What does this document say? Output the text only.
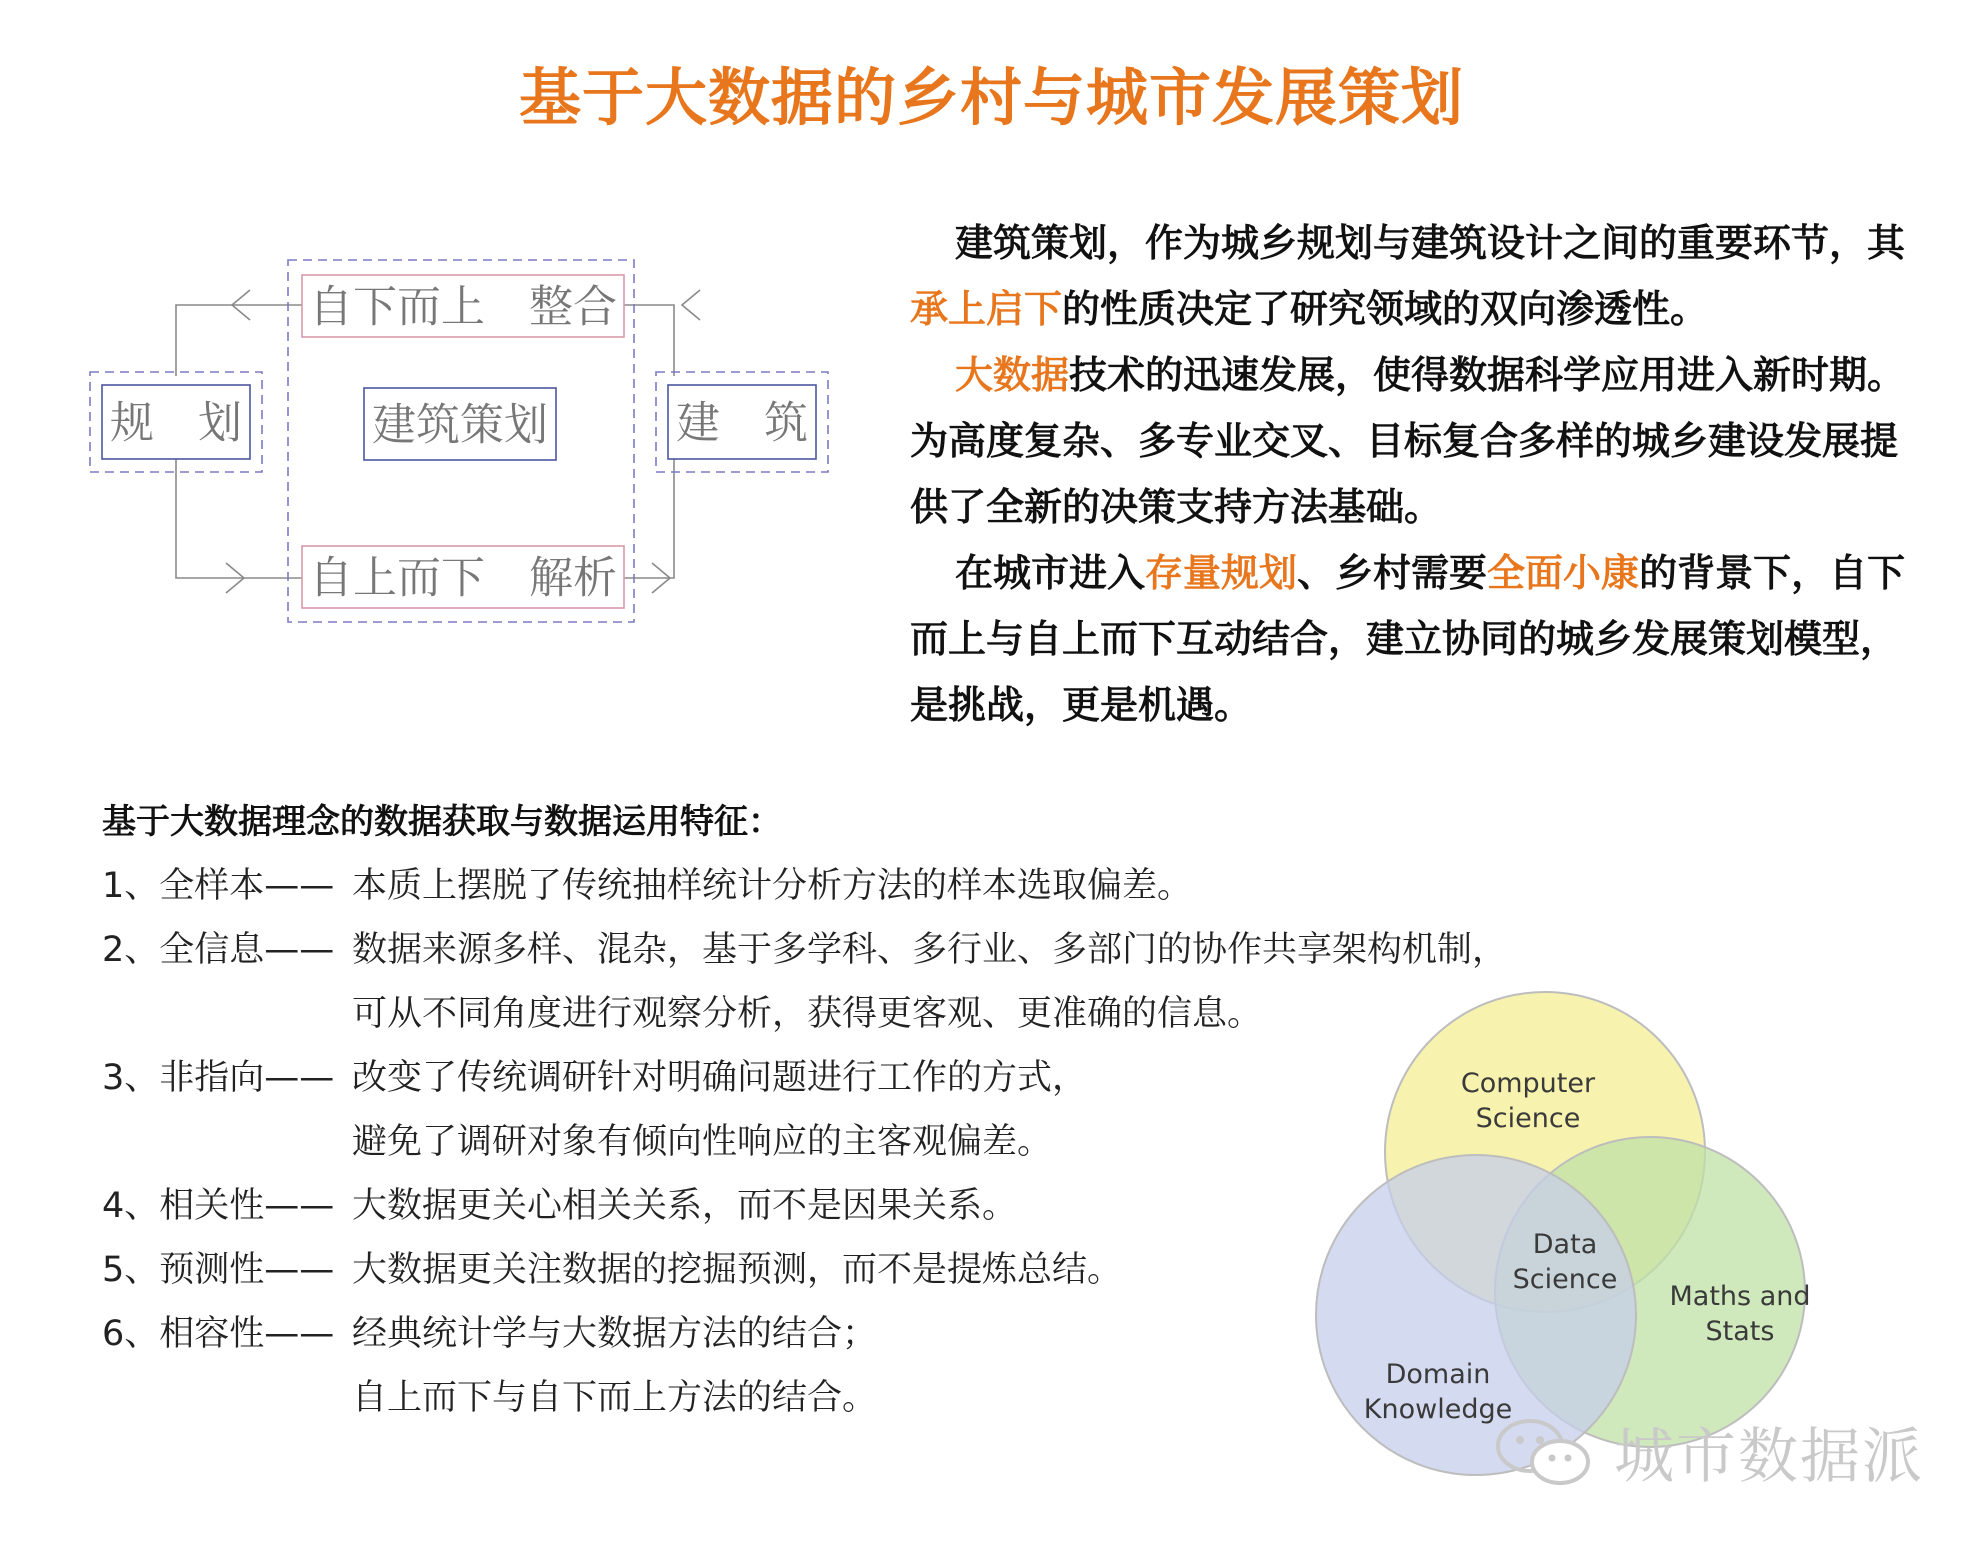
基于大数据的乡村与城市发展策划
自下而上　整合
自上而下　解析
建筑策划
规　划	建　筑

建筑策划，作为城乡规划与建筑设计之间的重要环节，其承上启下的性质决定了研究领域的双向渗透性。

大数据技术的迅速发展，使得数据科学应用进入新时期。为高度复杂、多专业交叉、目标复合多样的城乡建设发展提供了全新的决策支持方法基础。

在城市进入存量规划、乡村需要全面小康的背景下，自下而上与自上而下互动结合，建立协同的城乡发展策划模型，是挑战，更是机遇。

基于大数据理念的数据获取与数据运用特征：
1、全样本—— 本质上摆脱了传统抽样统计分析方法的样本选取偏差。
2、全信息—— 数据来源多样、混杂，基于多学科、多行业、多部门的协作共享架构机制，
可从不同角度进行观察分析，获得更客观、更准确的信息。
3、非指向—— 改变了传统调研针对明确问题进行工作的方式，
避免了调研对象有倾向性响应的主客观偏差。
4、相关性—— 大数据更关心相关关系，而不是因果关系。
5、预测性—— 大数据更关注数据的挖掘预测，而不是提炼总结。
6、相容性—— 经典统计学与大数据方法的结合；
自上而下与自下而上方法的结合。
Computer
Science
Maths and
Stats
Domain
Knowledge
Data
Science
城市数据派
